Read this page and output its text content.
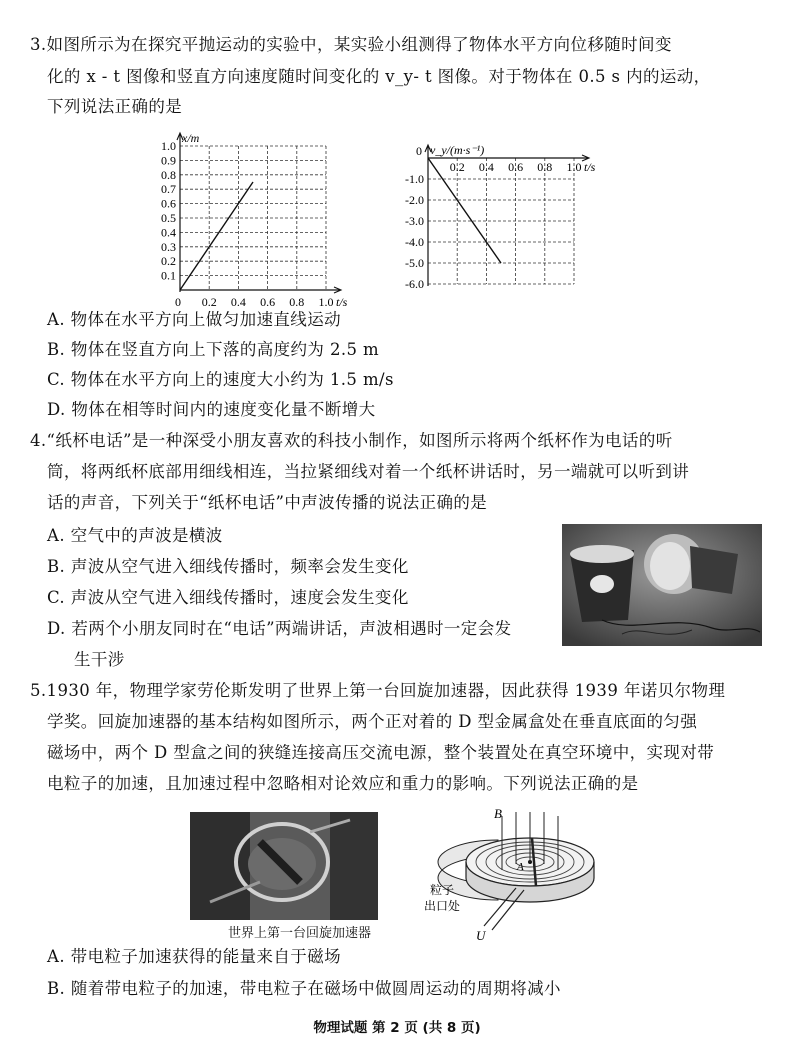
3.如图所示为在探究平抛运动的实验中，某实验小组测得了物体水平方向位移随时间变
化的 x - t 图像和竖直方向速度随时间变化的 v_y- t 图像。对于物体在 0.5 s 内的运动，
下列说法正确的是
0.2 0.4 0.6 0.8 1.0
0.1
0.2
0.3
0.4
0.5
0.6
0.7
0.8
0.9
1.0
0	t/s
x/m
0.2 0.4 0.6 0.8 1.0
-1.0
-2.0
-3.0
-4.0
-5.0
-6.0
0
t/s
v_y/(m·s⁻¹)
A. 物体在水平方向上做匀加速直线运动
B. 物体在竖直方向上下落的高度约为 2.5 m
C. 物体在水平方向上的速度大小约为 1.5 m/s
D. 物体在相等时间内的速度变化量不断增大
4.“纸杯电话”是一种深受小朋友喜欢的科技小制作，如图所示将两个纸杯作为电话的听
筒，将两纸杯底部用细线相连，当拉紧细线对着一个纸杯讲话时，另一端就可以听到讲
话的声音，下列关于“纸杯电话”中声波传播的说法正确的是
A. 空气中的声波是横波
B. 声波从空气进入细线传播时，频率会发生变化
C. 声波从空气进入细线传播时，速度会发生变化
D. 若两个小朋友同时在“电话”两端讲话，声波相遇时一定会发
生干涉
5.1930 年，物理学家劳伦斯发明了世界上第一台回旋加速器，因此获得 1939 年诺贝尔物理
学奖。回旋加速器的基本结构如图所示，两个正对着的 D 型金属盒处在垂直底面的匀强
磁场中，两个 D 型盒之间的狭缝连接高压交流电源，整个装置处在真空环境中，实现对带
电粒子的加速，且加速过程中忽略相对论效应和重力的影响。下列说法正确的是
世界上第一台回旋加速器
B
A
粒子
出口处
U
A. 带电粒子加速获得的能量来自于磁场
B. 随着带电粒子的加速，带电粒子在磁场中做圆周运动的周期将减小
物理试题 第 2 页 (共 8 页)
